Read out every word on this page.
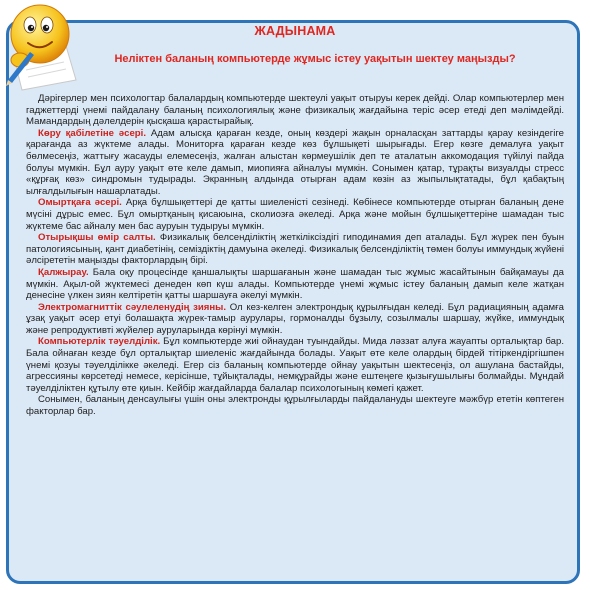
ЖАДЫНАМА
Неліктен баланың компьютерде жұмыс істеу уақытын шектеу маңызды?

Дәрігерлер мен психологтар балалардың компьютерде шектеулі уақыт отыруы керек дейді. Олар компьютерлер мен гаджеттерді үнемі пайдалану баланың психологиялық және физикалық жағдайына теріс әсер етеді деп мәлімдейді. Мамандардың дәлелдерін қысқаша қарастырайық.

Көру қабілетіне әсері. Адам алысқа қараған кезде, оның көздері жақын орналасқан заттарды қарау кезіндегіге қарағанда аз жүктеме алады. Мониторға қараған кезде көз бұлшықеті шырығады. Егер көзге демалуға уақыт бөлмесеңіз, жаттығу жасауды елемесеңіз, жалған алыстан көрмеушілік деп те аталатын аккомодация түйілуі пайда болуы мүмкін. Бұл ауру уақыт өте келе дамып, миопияға айналуы мүмкін. Сонымен қатар, тұрақты визуалды стресс «құрғақ көз» синдромын тудырады. Экранның алдында отырған адам көзін аз жыпылықтатады, бұл қабақтың ылғалдылығын нашарлатады.

Омыртқаға әсері. Арқа бұлшықеттері де қатты шиеленісті сезінеді. Көбінесе компьютерде отырған баланың дене мүсіні дұрыс емес. Бұл омыртқаның қисаюына, сколиозға әкеледі. Арқа және мойын бұлшықеттеріне шамадан тыс жүктеме бас айналу мен бас ауруын тудыруы мүмкін.

Отырықшы өмір салты. Физикалық белсенділіктің жеткіліксіздігі гиподинамия деп аталады. Бұл жүрек пен буын патологиясының, қант диабетінің, семіздіктің дамуына әкеледі. Физикалық белсенділіктің төмен болуы иммундық жүйені әлсірететін маңызды факторлардың бірі.

Қалжырау. Бала оқу процесінде қаншалықты шаршағанын және шамадан тыс жұмыс жасайтынын байқамауы да мүмкін. Ақыл-ой жүктемесі денеден көп күш алады. Компьютерде үнемі жұмыс істеу баланың дамып келе жатқан денесіне үлкен зиян келтіретін қатты шаршауға әкелуі мүмкін.

Электромагниттік сәулеленудің зияны. Ол кез-келген электрондық құрылғыдан келеді. Бұл радиацияның адамға ұзақ уақыт әсер етуі болашақта жүрек-тамыр аурулары, гормоналды бұзылу, созылмалы шаршау, жүйке, иммундық және репродуктивті жүйелер ауруларында көрінуі мүмкін.

Компьютерлік тәуелділік. Бұл компьютерде жиі ойнаудан туындайды. Мида ләззат алуға жауапты орталықтар бар. Бала ойнаған кезде бұл орталықтар шиеленіс жағдайында болады. Уақыт өте келе олардың бірдей тітіркендіргішпен үнемі қозуы тәуелділікке әкеледі. Егер сіз баланың компьютерде ойнау уақытын шектесеңіз, ол ашулана бастайды, агрессияны көрсетеді немесе, керісінше, тұйықталады, немқұрайды және ештеңеге қызығушылығы болмайды. Мұндай тәуелділіктен құтылу өте қиын. Кейбір жағдайларда балалар психологының көмегі қажет.

Сонымен, баланың денсаулығы үшін оны электронды құрылғыларды пайдалануды шектеуге мәжбүр ететін көптеген факторлар бар.
